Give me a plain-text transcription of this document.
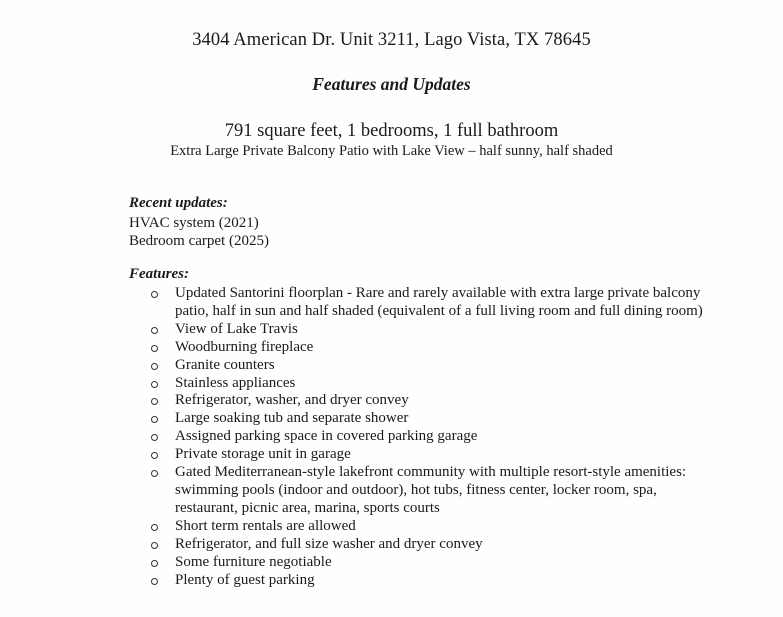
3404 American Dr. Unit 3211, Lago Vista, TX 78645
Features and Updates
791 square feet, 1 bedrooms, 1 full bathroom
Extra Large Private Balcony Patio with Lake View – half sunny, half shaded
Recent updates:
HVAC system (2021)
Bedroom carpet (2025)
Features:
Updated Santorini floorplan - Rare and rarely available with extra large private balcony patio, half in sun and half shaded (equivalent of a full living room and full dining room)
View of Lake Travis
Woodburning fireplace
Granite counters
Stainless appliances
Refrigerator, washer, and dryer convey
Large soaking tub and separate shower
Assigned parking space in covered parking garage
Private storage unit in garage
Gated Mediterranean-style lakefront community with multiple resort-style amenities: swimming pools (indoor and outdoor), hot tubs, fitness center, locker room, spa, restaurant, picnic area, marina, sports courts
Short term rentals are allowed
Refrigerator, and full size washer and dryer convey
Some furniture negotiable
Plenty of guest parking
